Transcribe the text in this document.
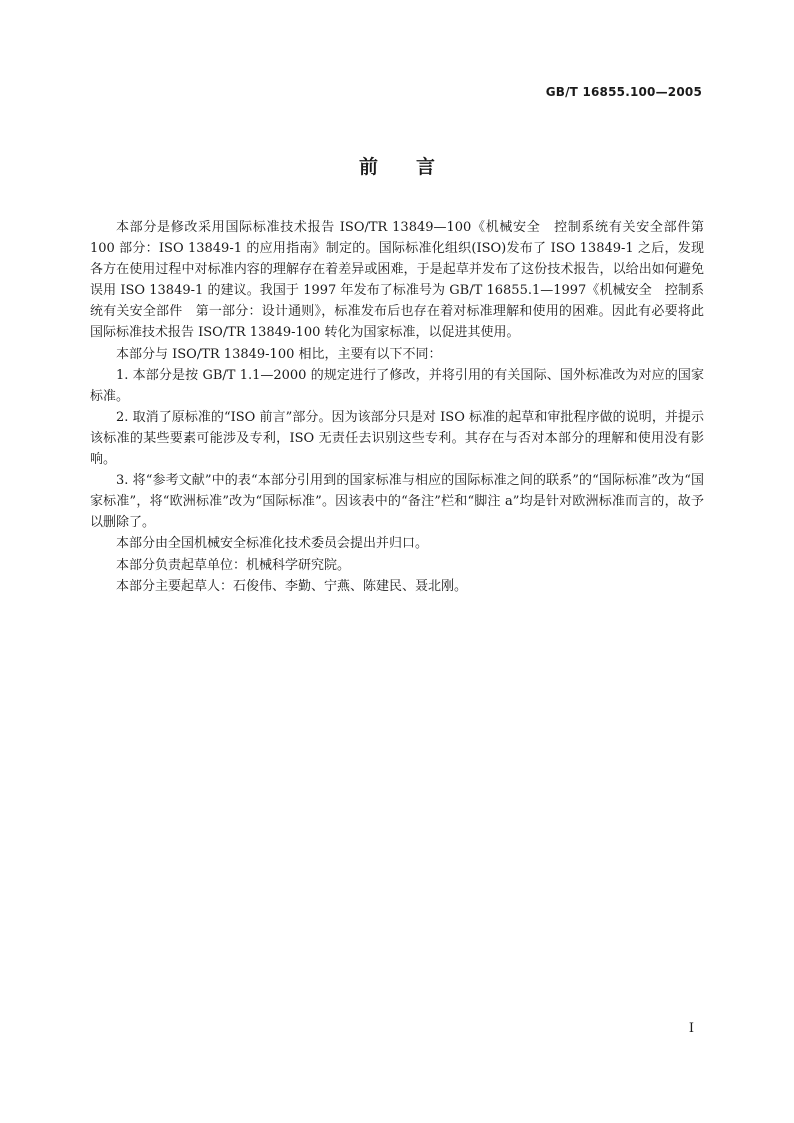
GB/T 16855.100—2005
前言

本部分是修改采用国际标准技术报告 ISO/TR 13849—100《机械安全　控制系统有关安全部件第 100 部分：ISO 13849-1 的应用指南》制定的。国际标准化组织(ISO)发布了 ISO 13849-1 之后，发现各方在使用过程中对标准内容的理解存在着差异或困难，于是起草并发布了这份技术报告，以给出如何避免误用 ISO 13849-1 的建议。我国于 1997 年发布了标准号为 GB/T 16855.1—1997《机械安全　控制系统有关安全部件　第一部分：设计通则》，标准发布后也存在着对标准理解和使用的困难。因此有必要将此国际标准技术报告 ISO/TR 13849-100 转化为国家标准，以促进其使用。

本部分与 ISO/TR 13849-100 相比，主要有以下不同：

1. 本部分是按 GB/T 1.1—2000 的规定进行了修改，并将引用的有关国际、国外标准改为对应的国家标准。

2. 取消了原标准的“ISO 前言”部分。因为该部分只是对 ISO 标准的起草和审批程序做的说明，并提示该标准的某些要素可能涉及专利，ISO 无责任去识别这些专利。其存在与否对本部分的理解和使用没有影响。

3. 将“参考文献”中的表“本部分引用到的国家标准与相应的国际标准之间的联系”的“国际标准”改为“国家标准”，将“欧洲标准”改为“国际标准”。因该表中的“备注”栏和“脚注 a”均是针对欧洲标准而言的，故予以删除了。

本部分由全国机械安全标准化技术委员会提出并归口。

本部分负责起草单位：机械科学研究院。

本部分主要起草人：石俊伟、李勤、宁燕、陈建民、聂北刚。

I
